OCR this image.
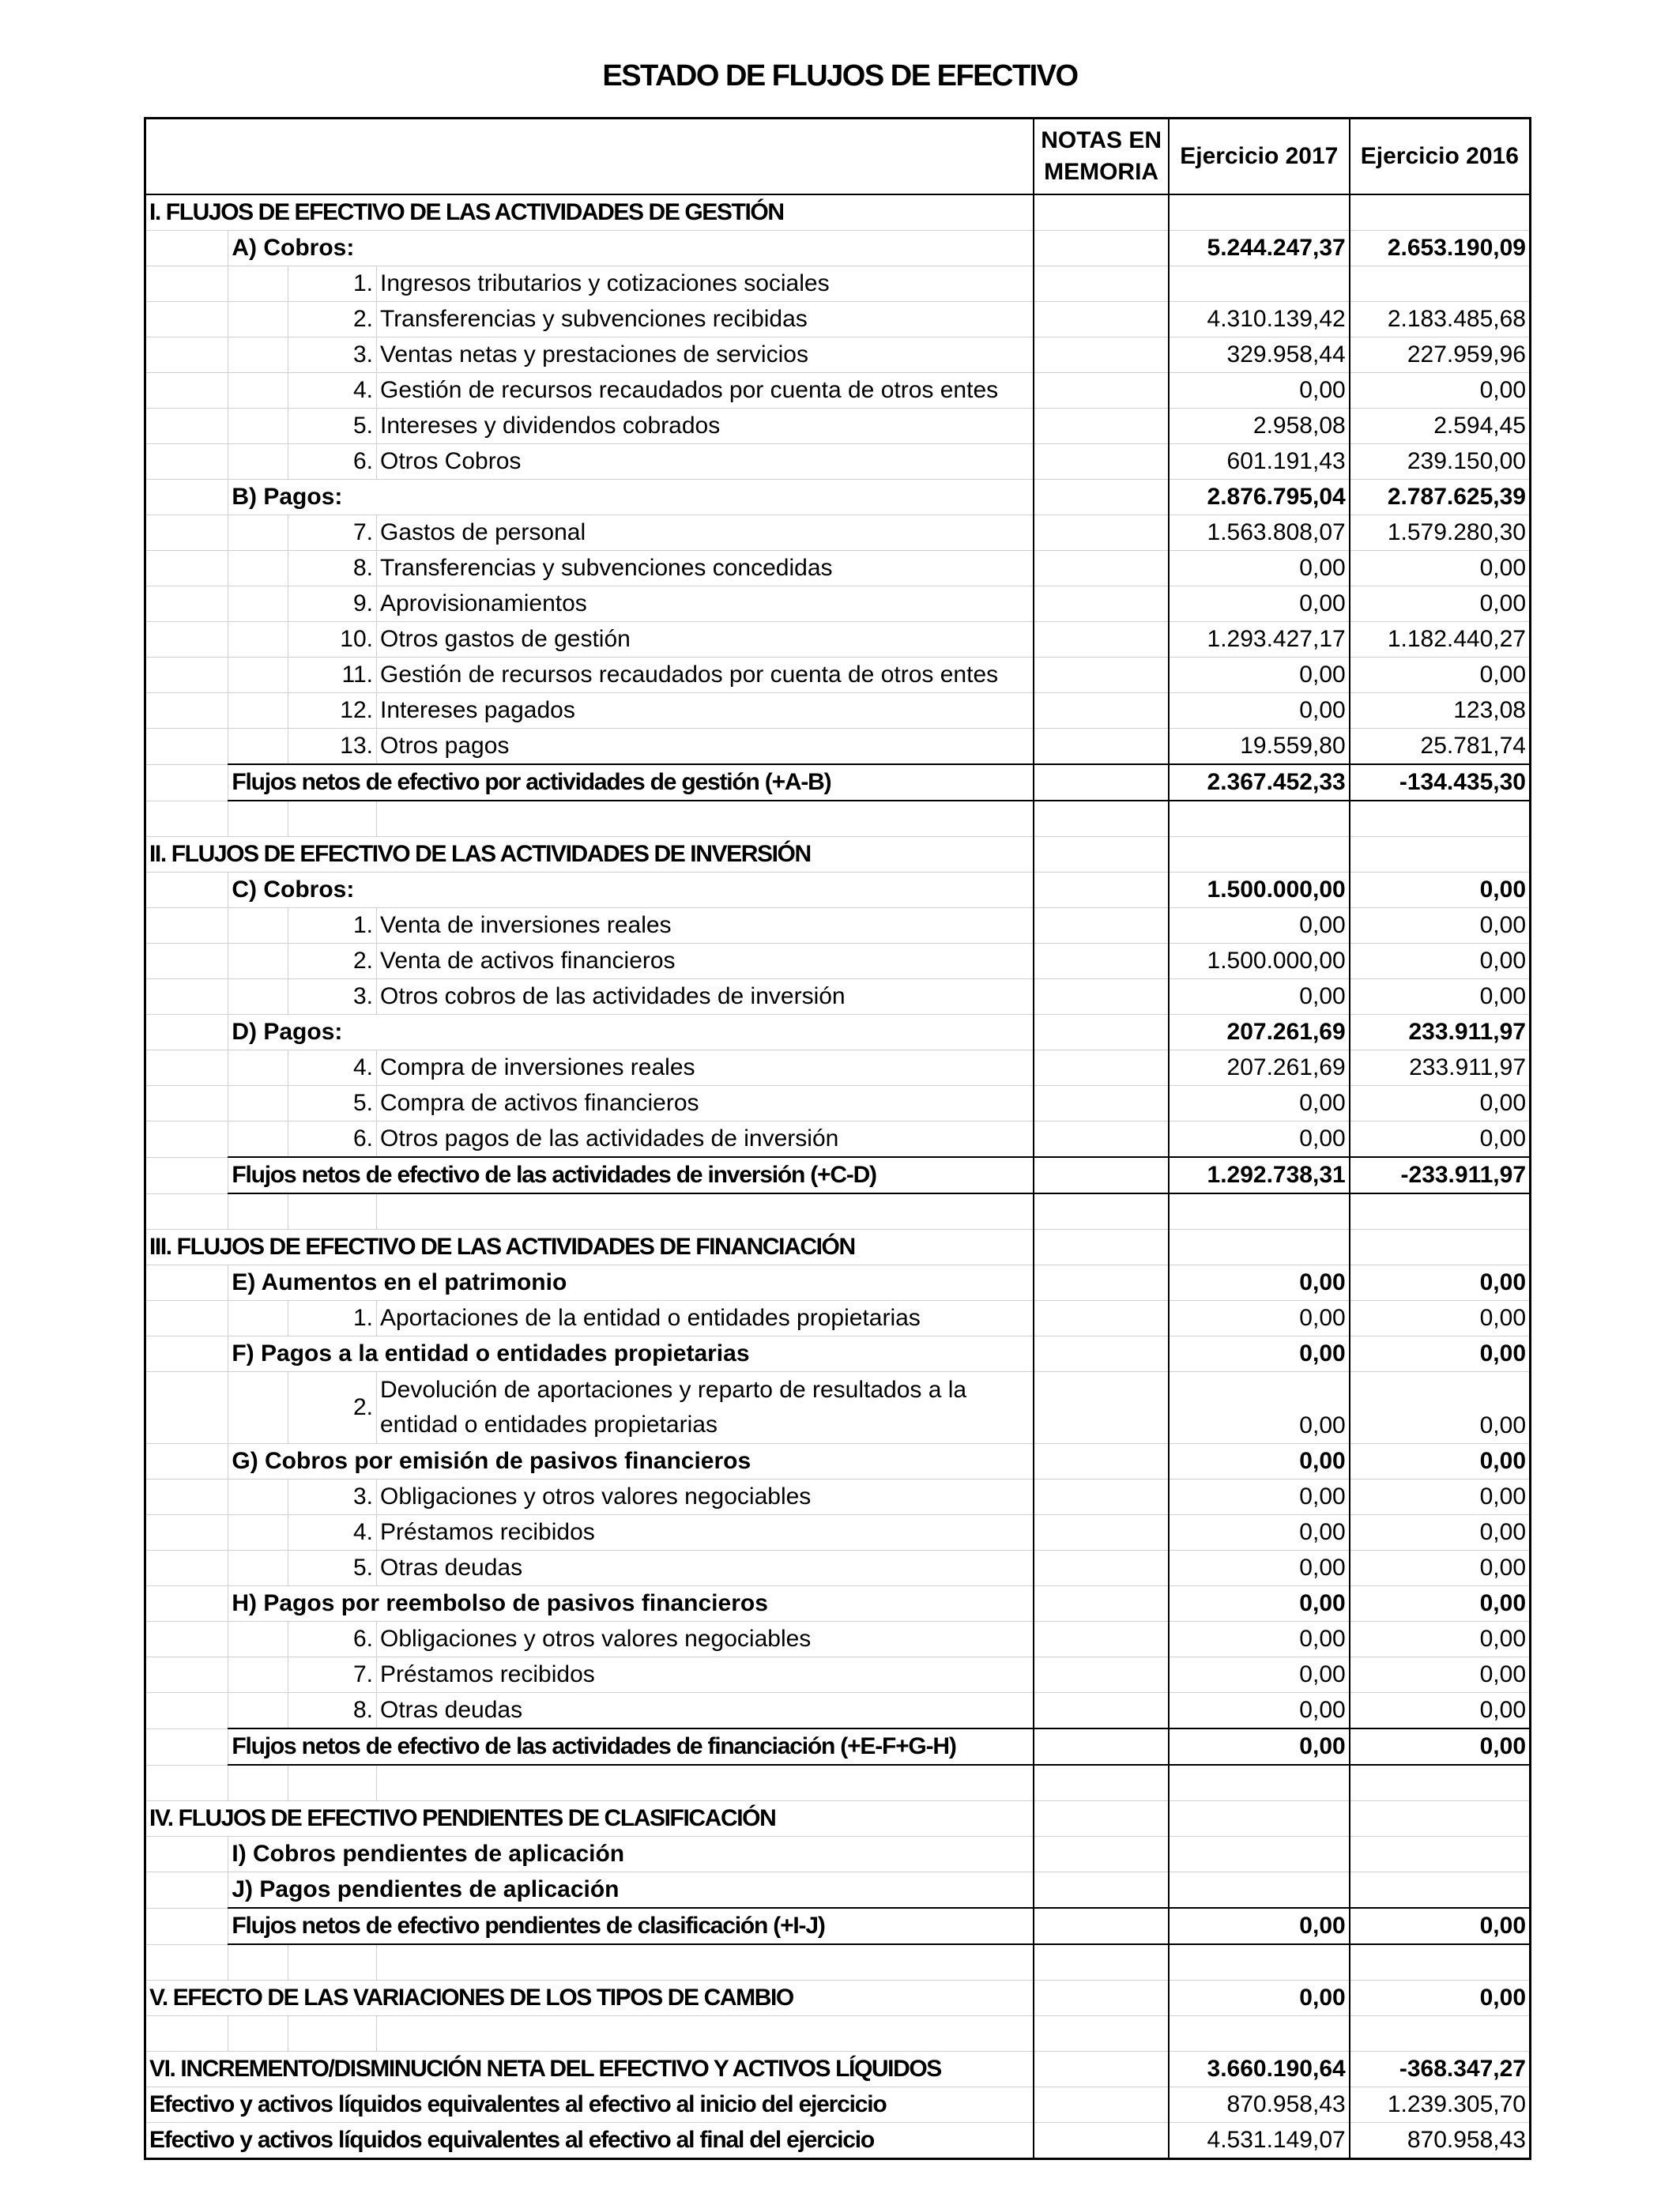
ESTADO DE FLUJOS DE EFECTIVO
				NOTAS EN MEMORIA	Ejercicio 2017	Ejercicio 2016
I. FLUJOS DE EFECTIVO DE LAS ACTIVIDADES DE GESTIÓN						
	A) Cobros:				5.244.247,37	2.653.190,09
		1.	Ingresos tributarios y cotizaciones sociales			
		2.	Transferencias y subvenciones recibidas		4.310.139,42	2.183.485,68
		3.	Ventas netas y prestaciones de servicios		329.958,44	227.959,96
		4.	Gestión de recursos recaudados por cuenta de otros entes		0,00	0,00
		5.	Intereses y dividendos cobrados		2.958,08	2.594,45
		6.	Otros Cobros		601.191,43	239.150,00
	B) Pagos:				2.876.795,04	2.787.625,39
		7.	Gastos de personal		1.563.808,07	1.579.280,30
		8.	Transferencias y subvenciones concedidas		0,00	0,00
		9.	Aprovisionamientos		0,00	0,00
		10.	Otros gastos de gestión		1.293.427,17	1.182.440,27
		11.	Gestión de recursos recaudados por cuenta de otros entes		0,00	0,00
		12.	Intereses pagados		0,00	123,08
		13.	Otros pagos		19.559,80	25.781,74
	Flujos netos de efectivo por actividades de gestión (+A-B)				2.367.452,33	-134.435,30

II. FLUJOS DE EFECTIVO DE LAS ACTIVIDADES DE INVERSIÓN						
	C) Cobros:				1.500.000,00	0,00
		1.	Venta de inversiones reales		0,00	0,00
		2.	Venta de activos financieros		1.500.000,00	0,00
		3.	Otros cobros de las actividades de inversión		0,00	0,00
	D) Pagos:				207.261,69	233.911,97
		4.	Compra de inversiones reales		207.261,69	233.911,97
		5.	Compra de activos financieros		0,00	0,00
		6.	Otros pagos de las actividades de inversión		0,00	0,00
	Flujos netos de efectivo de las actividades de inversión (+C-D)				1.292.738,31	-233.911,97

III. FLUJOS DE EFECTIVO DE LAS ACTIVIDADES DE FINANCIACIÓN						
	E) Aumentos en el patrimonio				0,00	0,00
		1.	Aportaciones de la entidad o entidades propietarias		0,00	0,00
	F) Pagos a la entidad o entidades propietarias				0,00	0,00
		2.	Devolución de aportaciones y reparto de resultados a la entidad o entidades propietarias		0,00	0,00
	G) Cobros por emisión de pasivos financieros				0,00	0,00
		3.	Obligaciones y otros valores negociables		0,00	0,00
		4.	Préstamos recibidos		0,00	0,00
		5.	Otras deudas		0,00	0,00
	H) Pagos por reembolso de pasivos financieros				0,00	0,00
		6.	Obligaciones y otros valores negociables		0,00	0,00
		7.	Préstamos recibidos		0,00	0,00
		8.	Otras deudas		0,00	0,00
	Flujos netos de efectivo de las actividades de financiación (+E-F+G-H)				0,00	0,00

IV. FLUJOS DE EFECTIVO PENDIENTES DE CLASIFICACIÓN						
	I) Cobros pendientes de aplicación					
	J) Pagos pendientes de aplicación					
	Flujos netos de efectivo pendientes de clasificación (+I-J)				0,00	0,00

V. EFECTO DE LAS VARIACIONES DE LOS TIPOS DE CAMBIO					0,00	0,00

VI. INCREMENTO/DISMINUCIÓN NETA DEL EFECTIVO Y ACTIVOS LÍQUIDOS					3.660.190,64	-368.347,27
Efectivo y activos líquidos equivalentes al efectivo al inicio del ejercicio					870.958,43	1.239.305,70
Efectivo y activos líquidos equivalentes al efectivo al final del ejercicio					4.531.149,07	870.958,43
